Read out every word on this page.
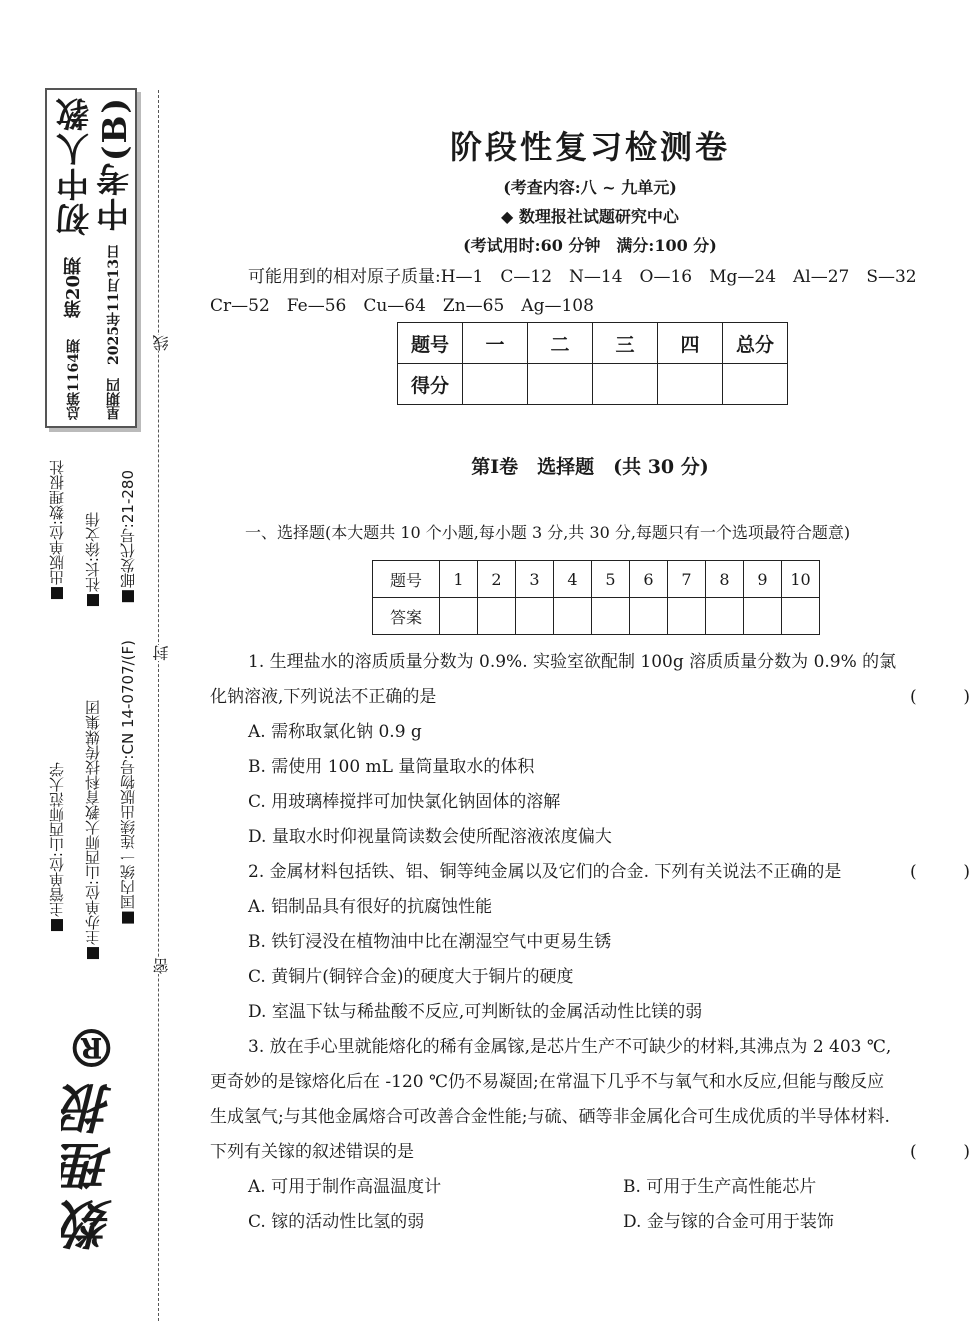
初中人教
第20期
总第1164期
中考(B)
2025年11月13日
星期四
主管单位:山西师范大学
出版单位:数理报社
主办单位:山西师大教育科技传媒集团
社长:徐文伟
国内统一连续出版物号:CN 14-0707/(F)
邮发代号:21-280
线
封
密
数理报®
阶段性复习检测卷
(考查内容:八 ~ 九单元)
◆ 数理报社试题研究中心
(考试用时:60 分钟　满分:100 分)
可能用到的相对原子质量:H—1　C—12　N—14　O—16　Mg—24　Al—27　S—32
Cr—52　Fe—56　Cu—64　Zn—65　Ag—108
题号	一	二	三	四	总分
得分					
第Ⅰ卷　选择题　(共 30 分)
一、选择题(本大题共 10 个小题,每小题 3 分,共 30 分,每题只有一个选项最符合题意)
题号	1	2	3	4	5	6	7	8	9	10
答案										

1. 生理盐水的溶质质量分数为 0.9%. 实验室欲配制 100g 溶质质量分数为 0.9% 的氯化钠溶液,下列说法不正确的是	(	)

A. 需称取氯化钠 0.9 g

B. 需使用 100 mL 量筒量取水的体积

C. 用玻璃棒搅拌可加快氯化钠固体的溶解

D. 量取水时仰视量筒读数会使所配溶液浓度偏大

2. 金属材料包括铁、铝、铜等纯金属以及它们的合金. 下列有关说法不正确的是	(	)

A. 铝制品具有很好的抗腐蚀性能

B. 铁钉浸没在植物油中比在潮湿空气中更易生锈

C. 黄铜片(铜锌合金)的硬度大于铜片的硬度

D. 室温下钛与稀盐酸不反应,可判断钛的金属活动性比镁的弱

3. 放在手心里就能熔化的稀有金属镓,是芯片生产不可缺少的材料,其沸点为 2 403 ℃,更奇妙的是镓熔化后在 -120 ℃仍不易凝固;在常温下几乎不与氧气和水反应,但能与酸反应生成氢气;与其他金属熔合可改善合金性能;与硫、硒等非金属化合可生成优质的半导体材料. 下列有关镓的叙述错误的是	(	)

A. 可用于制作高温温度计	B. 可用于生产高性能芯片
C. 镓的活动性比氢的弱	D. 金与镓的合金可用于装饰
